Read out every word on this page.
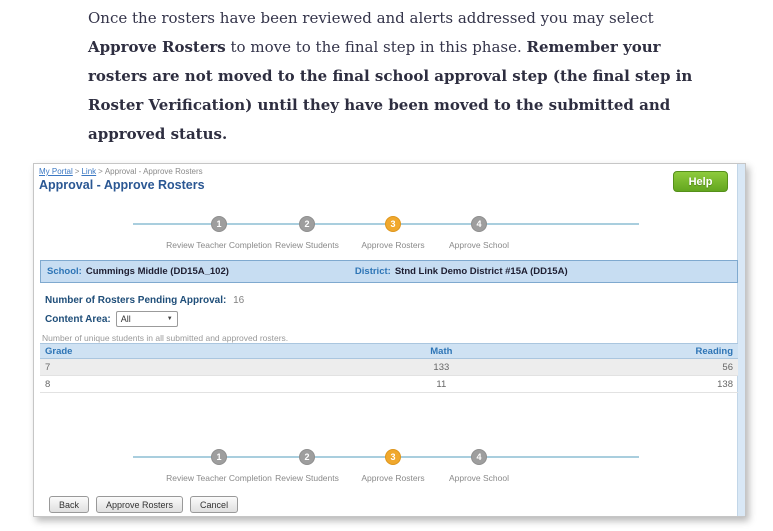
Once the rosters have been reviewed and alerts addressed you may select Approve Rosters to move to the final step in this phase. Remember your rosters are not moved to the final school approval step (the final step in Roster Verification) until they have been moved to the submitted and approved status.

My Portal > Link > Approval - Approve Rosters
Approval - Approve Rosters	Help
1	2	3	4
Review Teacher Completion Review Students	Approve Rosters	Approve School
School: Cummings Middle (DD15A_102)	District: Stnd Link Demo District #15A (DD15A)
Number of Rosters Pending Approval: 16
Content Area: All	▼
Number of unique students in all submitted and approved rosters.
Grade	Math	Reading
7	133	56
8	11	138
1	2	3	4
Review Teacher Completion Review Students	Approve Rosters	Approve School
Back	Approve Rosters	Cancel
